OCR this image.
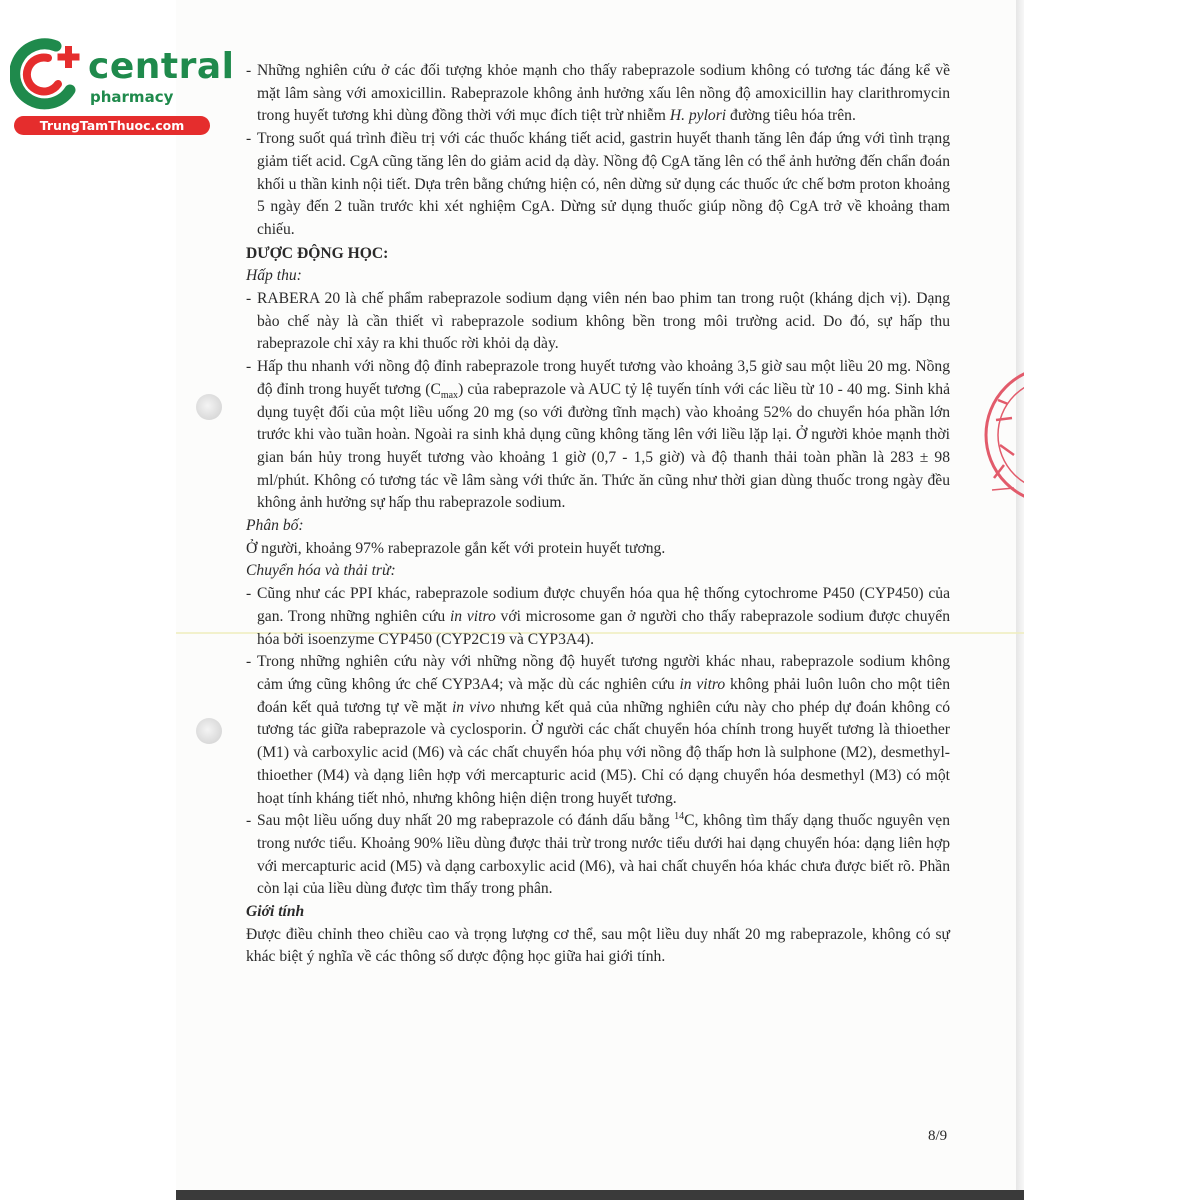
central
pharmacy
TrungTamThuoc.com
- Những nghiên cứu ở các đối tượng khỏe mạnh cho thấy rabeprazole sodium không có tương tác đáng kể về mặt lâm sàng với amoxicillin. Rabeprazole không ảnh hưởng xấu lên nồng độ amoxicillin hay clarithromycin trong huyết tương khi dùng đồng thời với mục đích tiệt trừ nhiễm H. pylori đường tiêu hóa trên.
- Trong suốt quá trình điều trị với các thuốc kháng tiết acid, gastrin huyết thanh tăng lên đáp ứng với tình trạng giảm tiết acid. CgA cũng tăng lên do giảm acid dạ dày. Nồng độ CgA tăng lên có thể ảnh hưởng đến chẩn đoán khối u thần kinh nội tiết. Dựa trên bằng chứng hiện có, nên dừng sử dụng các thuốc ức chế bơm proton khoảng 5 ngày đến 2 tuần trước khi xét nghiệm CgA. Dừng sử dụng thuốc giúp nồng độ CgA trở về khoảng tham chiếu.
DƯỢC ĐỘNG HỌC:
Hấp thu:
- RABERA 20 là chế phẩm rabeprazole sodium dạng viên nén bao phim tan trong ruột (kháng dịch vị). Dạng bào chế này là cần thiết vì rabeprazole sodium không bền trong môi trường acid. Do đó, sự hấp thu rabeprazole chỉ xảy ra khi thuốc rời khỏi dạ dày.
- Hấp thu nhanh với nồng độ đỉnh rabeprazole trong huyết tương vào khoảng 3,5 giờ sau một liều 20 mg. Nồng độ đỉnh trong huyết tương $(C_{max})$ của rabeprazole và AUC tỷ lệ tuyến tính với các liều từ 10 - 40 mg. Sinh khả dụng tuyệt đối của một liều uống 20 mg (so với đường tĩnh mạch) vào khoảng 52% do chuyển hóa phần lớn trước khi vào tuần hoàn. Ngoài ra sinh khả dụng cũng không tăng lên với liều lặp lại. Ở người khỏe mạnh thời gian bán hủy trong huyết tương vào khoảng 1 giờ (0,7 - 1,5 giờ) và độ thanh thải toàn phần là 283 ± 98 ml/phút. Không có tương tác về lâm sàng với thức ăn. Thức ăn cũng như thời gian dùng thuốc trong ngày đều không ảnh hưởng sự hấp thu rabeprazole sodium.
Phân bố:
Ở người, khoảng 97% rabeprazole gắn kết với protein huyết tương.
Chuyển hóa và thải trừ:
- Cũng như các PPI khác, rabeprazole sodium được chuyển hóa qua hệ thống cytochrome P450 (CYP450) của gan. Trong những nghiên cứu in vitro với microsome gan ở người cho thấy rabeprazole sodium được chuyển hóa bởi isoenzyme CYP450 (CYP2C19 và CYP3A4).
- Trong những nghiên cứu này với những nồng độ huyết tương người khác nhau, rabeprazole sodium không cảm ứng cũng không ức chế CYP3A4; và mặc dù các nghiên cứu in vitro không phải luôn luôn cho một tiên đoán kết quả tương tự về mặt in vivo nhưng kết quả của những nghiên cứu này cho phép dự đoán không có tương tác giữa rabeprazole và cyclosporin. Ở người các chất chuyển hóa chính trong huyết tương là thioether (M1) và carboxylic acid (M6) và các chất chuyển hóa phụ với nồng độ thấp hơn là sulphone (M2), desmethyl-thioether (M4) và dạng liên hợp với mercapturic acid (M5). Chỉ có dạng chuyển hóa desmethyl (M3) có một hoạt tính kháng tiết nhỏ, nhưng không hiện diện trong huyết tương.
- Sau một liều uống duy nhất 20 mg rabeprazole có đánh dấu bằng $^{14}$C, không tìm thấy dạng thuốc nguyên vẹn trong nước tiểu. Khoảng 90% liều dùng được thải trừ trong nước tiểu dưới hai dạng chuyển hóa: dạng liên hợp với mercapturic acid (M5) và dạng carboxylic acid (M6), và hai chất chuyển hóa khác chưa được biết rõ. Phần còn lại của liều dùng được tìm thấy trong phân.
Giới tính
Được điều chỉnh theo chiều cao và trọng lượng cơ thể, sau một liều duy nhất 20 mg rabeprazole, không có sự khác biệt ý nghĩa về các thông số dược động học giữa hai giới tính.
8/9
